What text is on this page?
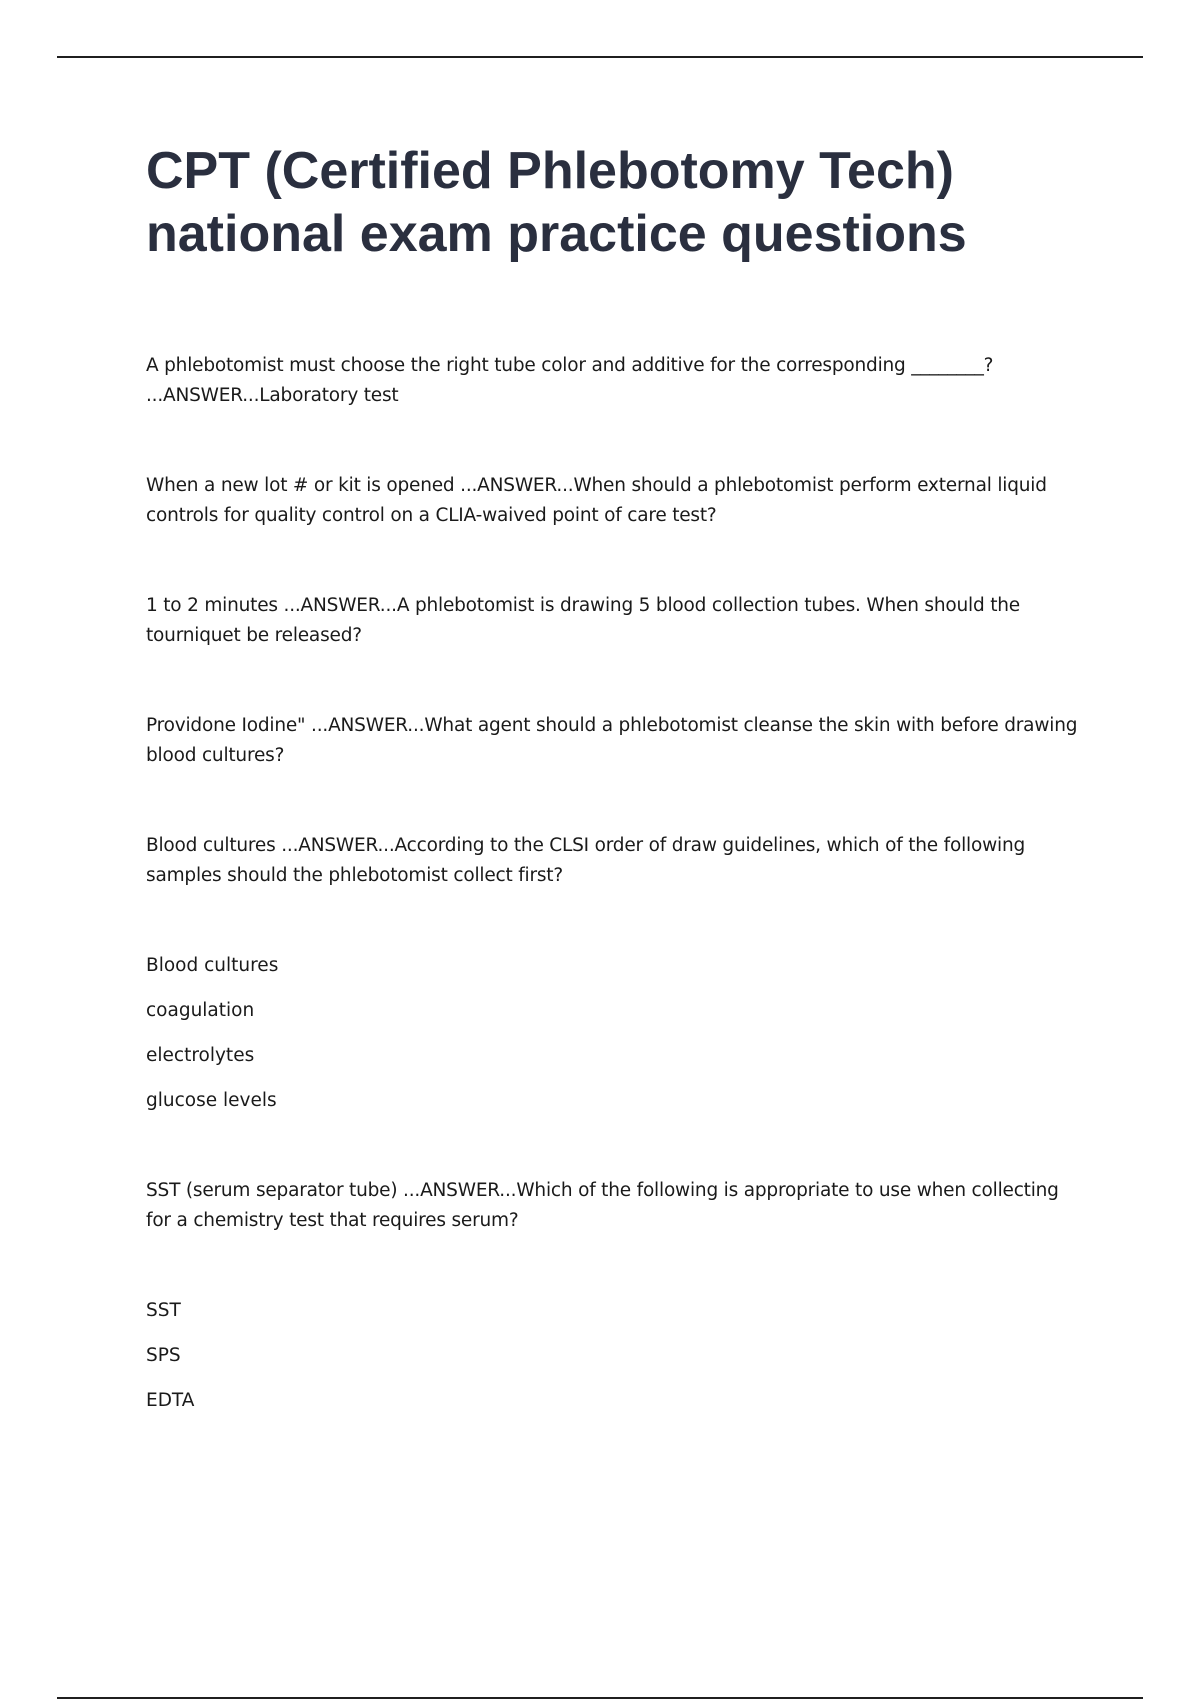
CPT (Certified Phlebotomy Tech)
national exam practice questions

A phlebotomist must choose the right tube color and additive for the corresponding ________? ...ANSWER...Laboratory test

When a new lot # or kit is opened ...ANSWER...When should a phlebotomist perform external liquid controls for quality control on a CLIA-waived point of care test?

1 to 2 minutes ...ANSWER...A phlebotomist is drawing 5 blood collection tubes. When should the tourniquet be released?

Providone Iodine" ...ANSWER...What agent should a phlebotomist cleanse the skin with before drawing blood cultures?

Blood cultures ...ANSWER...According to the CLSI order of draw guidelines, which of the following samples should the phlebotomist collect first?

Blood cultures

coagulation

electrolytes

glucose levels

SST (serum separator tube) ...ANSWER...Which of the following is appropriate to use when collecting for a chemistry test that requires serum?

SST

SPS

EDTA
